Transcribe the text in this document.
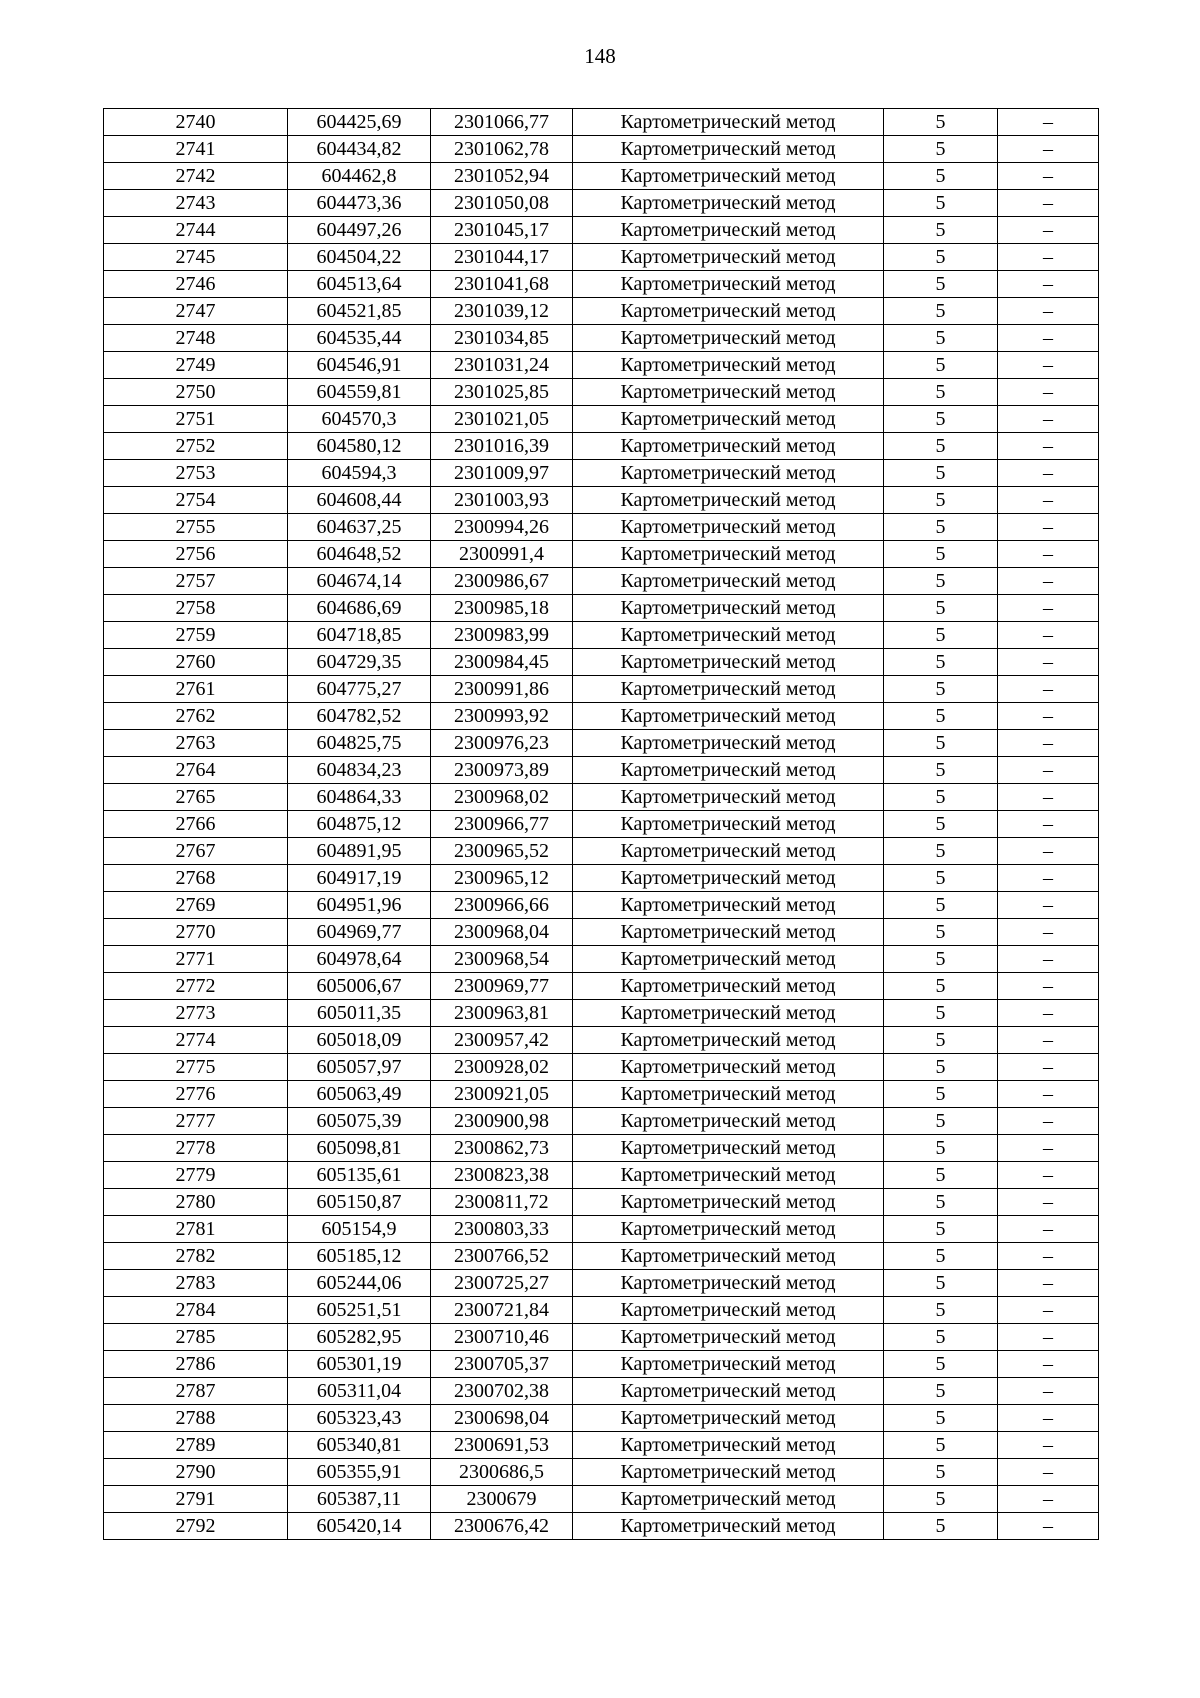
148
2740	604425,69	2301066,77	Картометрический метод	5	–
2741	604434,82	2301062,78	Картометрический метод	5	–
2742	604462,8	2301052,94	Картометрический метод	5	–
2743	604473,36	2301050,08	Картометрический метод	5	–
2744	604497,26	2301045,17	Картометрический метод	5	–
2745	604504,22	2301044,17	Картометрический метод	5	–
2746	604513,64	2301041,68	Картометрический метод	5	–
2747	604521,85	2301039,12	Картометрический метод	5	–
2748	604535,44	2301034,85	Картометрический метод	5	–
2749	604546,91	2301031,24	Картометрический метод	5	–
2750	604559,81	2301025,85	Картометрический метод	5	–
2751	604570,3	2301021,05	Картометрический метод	5	–
2752	604580,12	2301016,39	Картометрический метод	5	–
2753	604594,3	2301009,97	Картометрический метод	5	–
2754	604608,44	2301003,93	Картометрический метод	5	–
2755	604637,25	2300994,26	Картометрический метод	5	–
2756	604648,52	2300991,4	Картометрический метод	5	–
2757	604674,14	2300986,67	Картометрический метод	5	–
2758	604686,69	2300985,18	Картометрический метод	5	–
2759	604718,85	2300983,99	Картометрический метод	5	–
2760	604729,35	2300984,45	Картометрический метод	5	–
2761	604775,27	2300991,86	Картометрический метод	5	–
2762	604782,52	2300993,92	Картометрический метод	5	–
2763	604825,75	2300976,23	Картометрический метод	5	–
2764	604834,23	2300973,89	Картометрический метод	5	–
2765	604864,33	2300968,02	Картометрический метод	5	–
2766	604875,12	2300966,77	Картометрический метод	5	–
2767	604891,95	2300965,52	Картометрический метод	5	–
2768	604917,19	2300965,12	Картометрический метод	5	–
2769	604951,96	2300966,66	Картометрический метод	5	–
2770	604969,77	2300968,04	Картометрический метод	5	–
2771	604978,64	2300968,54	Картометрический метод	5	–
2772	605006,67	2300969,77	Картометрический метод	5	–
2773	605011,35	2300963,81	Картометрический метод	5	–
2774	605018,09	2300957,42	Картометрический метод	5	–
2775	605057,97	2300928,02	Картометрический метод	5	–
2776	605063,49	2300921,05	Картометрический метод	5	–
2777	605075,39	2300900,98	Картометрический метод	5	–
2778	605098,81	2300862,73	Картометрический метод	5	–
2779	605135,61	2300823,38	Картометрический метод	5	–
2780	605150,87	2300811,72	Картометрический метод	5	–
2781	605154,9	2300803,33	Картометрический метод	5	–
2782	605185,12	2300766,52	Картометрический метод	5	–
2783	605244,06	2300725,27	Картометрический метод	5	–
2784	605251,51	2300721,84	Картометрический метод	5	–
2785	605282,95	2300710,46	Картометрический метод	5	–
2786	605301,19	2300705,37	Картометрический метод	5	–
2787	605311,04	2300702,38	Картометрический метод	5	–
2788	605323,43	2300698,04	Картометрический метод	5	–
2789	605340,81	2300691,53	Картометрический метод	5	–
2790	605355,91	2300686,5	Картометрический метод	5	–
2791	605387,11	2300679	Картометрический метод	5	–
2792	605420,14	2300676,42	Картометрический метод	5	–
